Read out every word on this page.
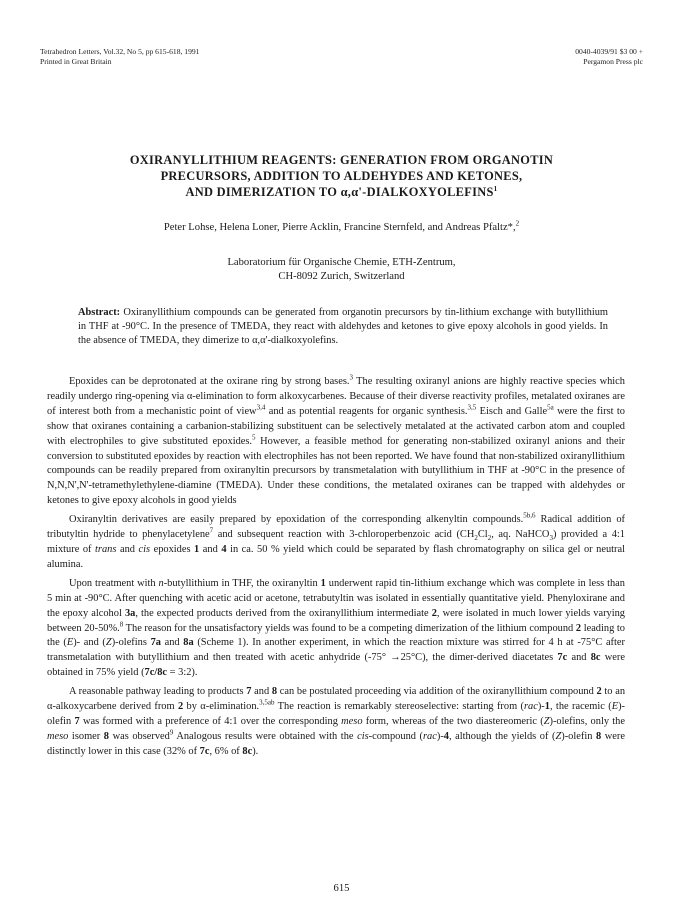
Tetrahedron Letters, Vol.32, No 5, pp 615-618, 1991
Printed in Great Britain
0040-4039/91 $3 00 +
Pergamon Press plc
OXIRANYLLITHIUM REAGENTS: GENERATION FROM ORGANOTIN
PRECURSORS, ADDITION TO ALDEHYDES AND KETONES,
AND DIMERIZATION TO α,α'-DIALKOXYOLEFINS$^1$
Peter Lohse, Helena Loner, Pierre Acklin, Francine Sternfeld, and Andreas Pfaltz*,$^2$
Laboratorium für Organische Chemie, ETH-Zentrum,
CH-8092 Zurich, Switzerland
Abstract: Oxiranyllithium compounds can be generated from organotin precursors by tin-lithium exchange with butyllithium in THF at -90°C. In the presence of TMEDA, they react with aldehydes and ketones to give epoxy alcohols in good yields. In the absence of TMEDA, they dimerize to α,α'-dialkoxyolefins.

Epoxides can be deprotonated at the oxirane ring by strong bases.$^3$ The resulting oxiranyl anions are highly reactive species which readily undergo ring-opening via α-elimination to form alkoxycarbenes. Because of their diverse reactivity profiles, metalated oxiranes are of interest both from a mechanistic point of view$^{3,4}$ and as potential reagents for organic synthesis.$^{3,5}$ Eisch and Galle$^{5a}$ were the first to show that oxiranes containing a carbanion-stabilizing substituent can be selectively metalated at the activated carbon atom and coupled with electrophiles to give substituted epoxides.$^5$ However, a feasible method for generating non-stabilized oxiranyl anions and their conversion to substituted epoxides by reaction with electrophiles has not been reported. We have found that non-stabilized oxiranyllithium compounds can be readily prepared from oxiranyltin precursors by transmetalation with butyllithium in THF at -90°C in the presence of N,N,N',N'-tetramethylethylene-diamine (TMEDA). Under these conditions, the metalated oxiranes can be trapped with aldehydes or ketones to give epoxy alcohols in good yields

Oxiranyltin derivatives are easily prepared by epoxidation of the corresponding alkenyltin compounds.$^{5b,6}$ Radical addition of tributyltin hydride to phenylacetylene$^7$ and subsequent reaction with 3-chloroperbenzoic acid ($CH_2Cl_2$, aq. NaHCO$_3$) provided a 4:1 mixture of trans and cis epoxides 1 and 4 in ca. 50 % yield which could be separated by flash chromatography on silica gel or neutral alumina.

Upon treatment with n-butyllithium in THF, the oxiranyltin 1 underwent rapid tin-lithium exchange which was complete in less than 5 min at -90°C. After quenching with acetic acid or acetone, tetrabutyltin was isolated in essentially quantitative yield. Phenyloxirane and the epoxy alcohol 3a, the expected products derived from the oxiranyllithium intermediate 2, were isolated in much lower yields varying between 20-50%.$^8$ The reason for the unsatisfactory yields was found to be a competing dimerization of the lithium compound 2 leading to the (E)- and (Z)-olefins 7a and 8a (Scheme 1). In another experiment, in which the reaction mixture was stirred for 4 h at -75°C after transmetalation with butyllithium and then treated with acetic anhydride (-75° →25°C), the dimer-derived diacetates 7c and 8c were obtained in 75% yield (7c/8c = 3:2).

A reasonable pathway leading to products 7 and 8 can be postulated proceeding via addition of the oxiranyllithium compound 2 to an α-alkoxycarbene derived from 2 by α-elimination.$^{3,5ab}$ The reaction is remarkably stereoselective: starting from (rac)-1, the racemic (E)-olefin 7 was formed with a preference of 4:1 over the corresponding meso form, whereas of the two diastereomeric (Z)-olefins, only the meso isomer 8 was observed$^9$ Analogous results were obtained with the cis-compound (rac)-4, although the yields of (Z)-olefin 8 were distinctly lower in this case (32% of 7c, 6% of 8c).

615
